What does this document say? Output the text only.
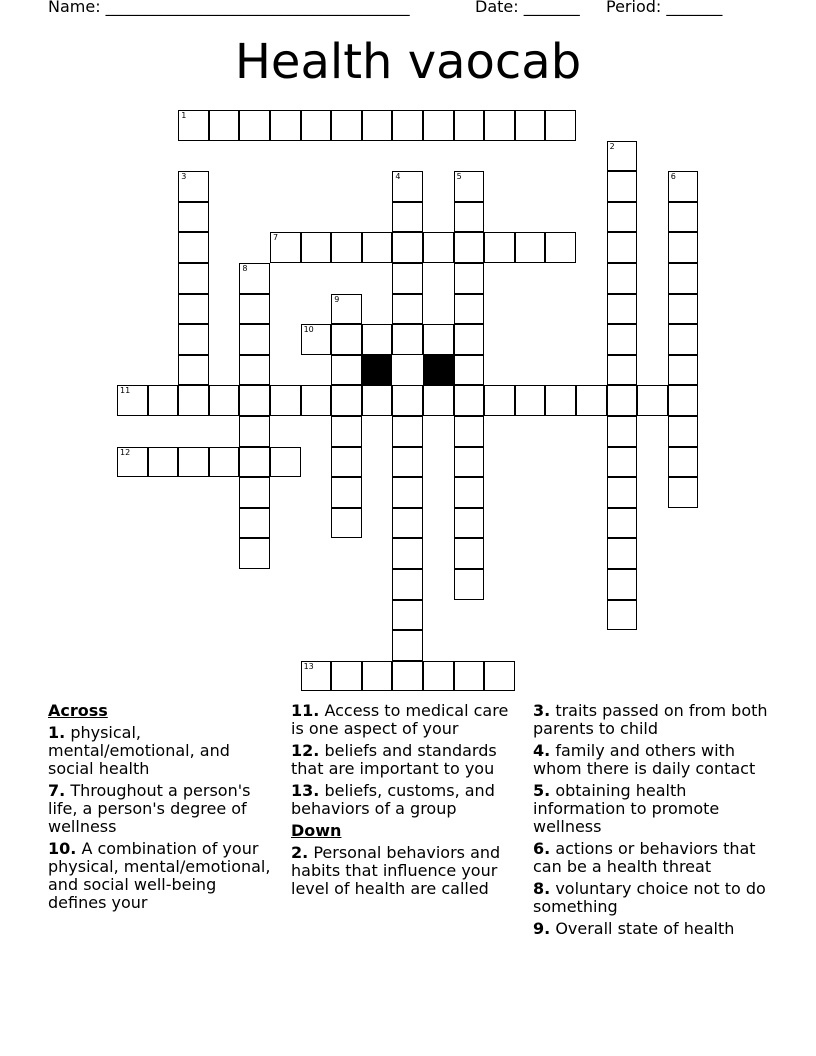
Name: ______________________________________	Date: _______ Period: _______
Health vaocab
1
2
3	4	5	6
7
8
9
10
11
12
13
Across
1. physical, mental/emotional, and social health
7. Throughout a person's life, a person's degree of wellness
10. A combination of your physical, mental/emotional, and social well-being defines your
11. Access to medical care is one aspect of your
12. beliefs and standards that are important to you
13. beliefs, customs, and behaviors of a group
Down
2. Personal behaviors and habits that influence your level of health are called
3. traits passed on from both parents to child
4. family and others with whom there is daily contact
5. obtaining health information to promote wellness
6. actions or behaviors that can be a health threat
8. voluntary choice not to do something
9. Overall state of health
